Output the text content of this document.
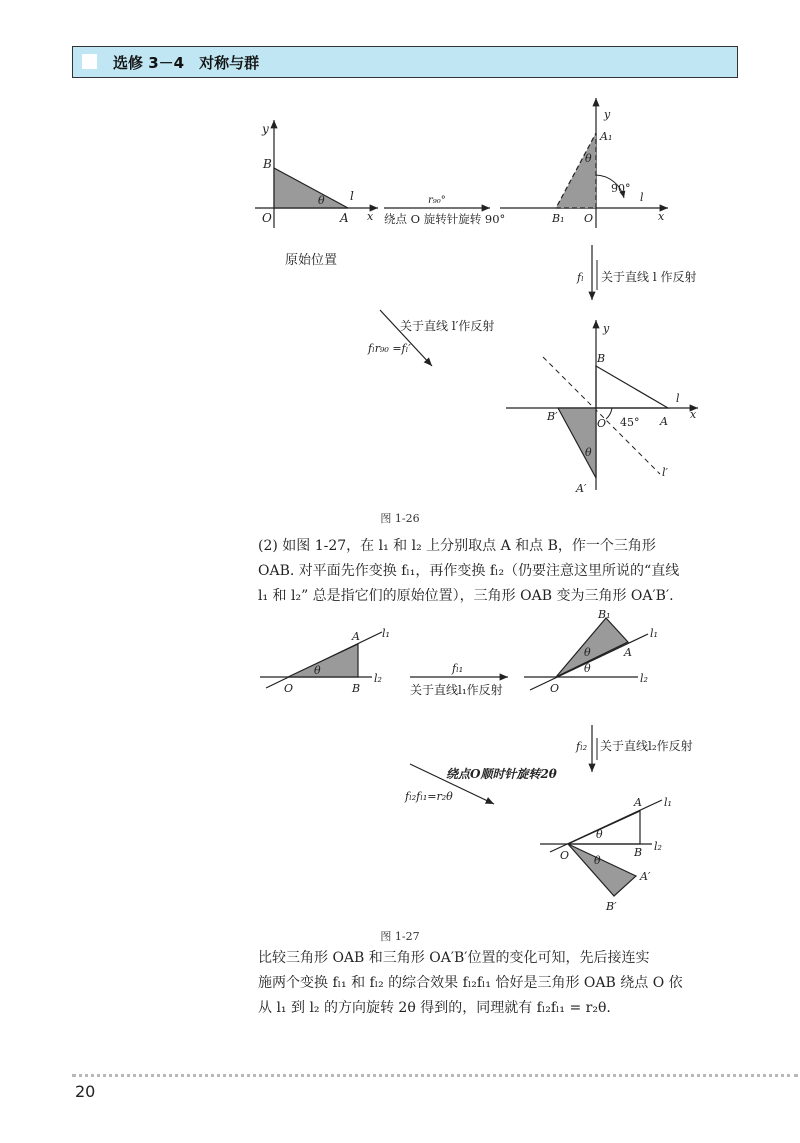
选修 3－4　对称与群
y
B
θ l
O	A x
原始位置
r₉₀°
绕点 O 旋转针旋转 90°
y
A₁
θ
90°
l
B₁ O	x
fₗ 关于直线 l 作反射
关于直线 l′作反射
fₗr₉₀ =fₗ′
y
B
l
x
B′
O 45° A
θ
A′
l′
图 1-26

(2) 如图 1-27，在 l₁ 和 l₂ 上分别取点 A 和点 B，作一个三角形

OAB. 对平面先作变换 fₗ₁，再作变换 fₗ₂（仍要注意这里所说的“直线

l₁ 和 l₂” 总是指它们的原始位置），三角形 OAB 变为三角形 OA′B′.

A l₁
θ
O	B
l₂
fₗ₁
关于直线l₁作反射
B₁
l₁
θ	A
θ
O
l₂
fₗ₂ 关于直线l₂作反射
绕点O顺时针旋转2θ
fₗ₂fₗ₁=r₂θ	A l₁
θ
O	B l₂
θ
A′
B′
图 1-27

比较三角形 OAB 和三角形 OA′B′位置的变化可知，先后接连实

施两个变换 fₗ₁ 和 fₗ₂ 的综合效果 fₗ₂fₗ₁ 恰好是三角形 OAB 绕点 O 依

从 l₁ 到 l₂ 的方向旋转 2θ 得到的，同理就有 fₗ₂fₗ₁ = r₂θ.

20
